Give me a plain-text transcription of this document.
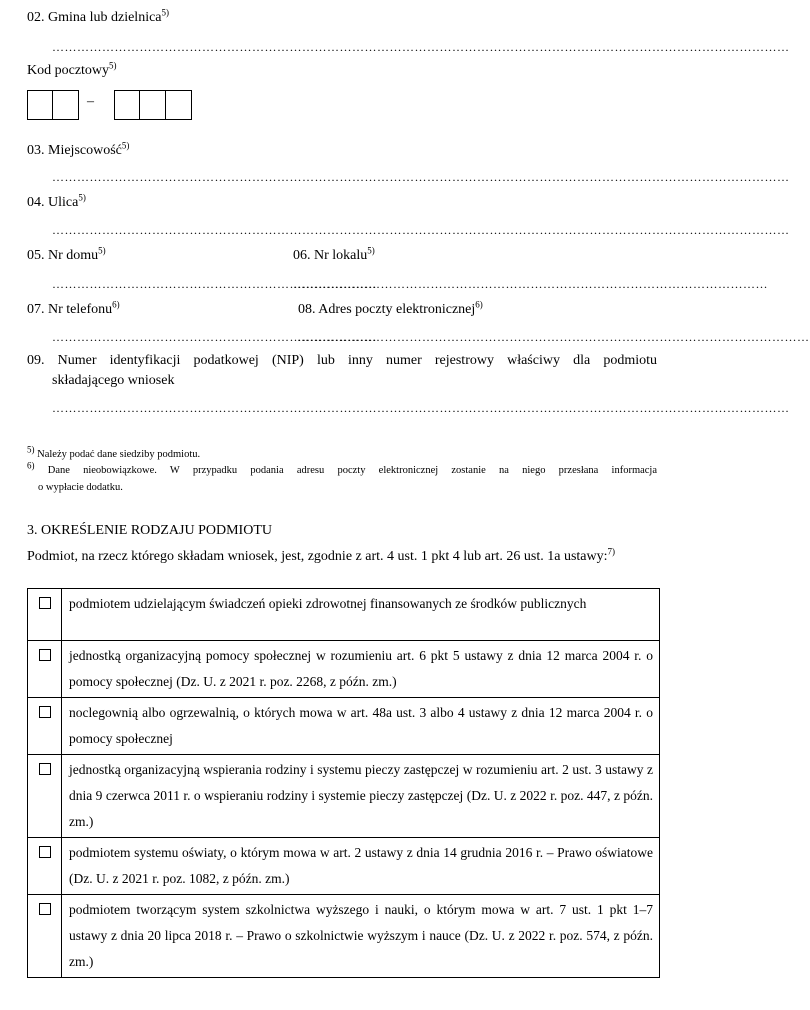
02. Gmina lub dzielnica$^{5)}$
……………………………………………………………………………………………………………………………………………………………
Kod pocztowy$^{5)}$
–
03. Miejscowość$^{5)}$
……………………………………………………………………………………………………………………………………………………………
04. Ulica$^{5)}$
……………………………………………………………………………………………………………………………………………………………
05. Nr domu$^{5)}$	06. Nr lokalu$^{5)}$
……………………………………………………………………
……………………………………………………………………………………………………
07. Nr telefonu$^{6)}$	08. Adres poczty elektronicznej$^{6)}$
……………………………………………………………………
……………………………………………………………………………………………………………
09. Numer identyfikacji podatkowej (NIP) lub inny numer rejestrowy właściwy dla podmiotu
składającego wniosek
……………………………………………………………………………………………………………………………………………………………
$^{5)}$ Należy podać dane siedziby podmiotu.
$^{6)}$ Dane nieobowiązkowe. W przypadku podania adresu poczty elektronicznej zostanie na niego przesłana informacja
o wypłacie dodatku.
3. OKREŚLENIE RODZAJU PODMIOTU
Podmiot, na rzecz którego składam wniosek, jest, zgodnie z art. 4 ust. 1 pkt 4 lub art. 26 ust. 1a ustawy:$^{7)}$
	podmiotem udzielającym świadczeń opieki zdrowotnej finansowanych ze środków publicznych

	jednostką organizacyjną pomocy społecznej w rozumieniu art. 6 pkt 5 ustawy z dnia 12 marca 2004 r. o pomocy społecznej (Dz. U. z 2021 r. poz. 2268, z późn. zm.)

	noclegownią albo ogrzewalnią, o których mowa w art. 48a ust. 3 albo 4 ustawy z dnia 12 marca 2004 r. o pomocy społecznej

	jednostką organizacyjną wspierania rodziny i systemu pieczy zastępczej w rozumieniu art. 2 ust. 3 ustawy z dnia 9 czerwca 2011 r. o wspieraniu rodziny i systemie pieczy zastępczej (Dz. U. z 2022 r. poz. 447, z późn. zm.)

	podmiotem systemu oświaty, o którym mowa w art. 2 ustawy z dnia 14 grudnia 2016 r. – Prawo oświatowe (Dz. U. z 2021 r. poz. 1082, z późn. zm.)

	podmiotem tworzącym system szkolnictwa wyższego i nauki, o którym mowa w art. 7 ust. 1 pkt 1–7 ustawy z dnia 20 lipca 2018 r. – Prawo o szkolnictwie wyższym i nauce (Dz. U. z 2022 r. poz. 574, z późn. zm.)
